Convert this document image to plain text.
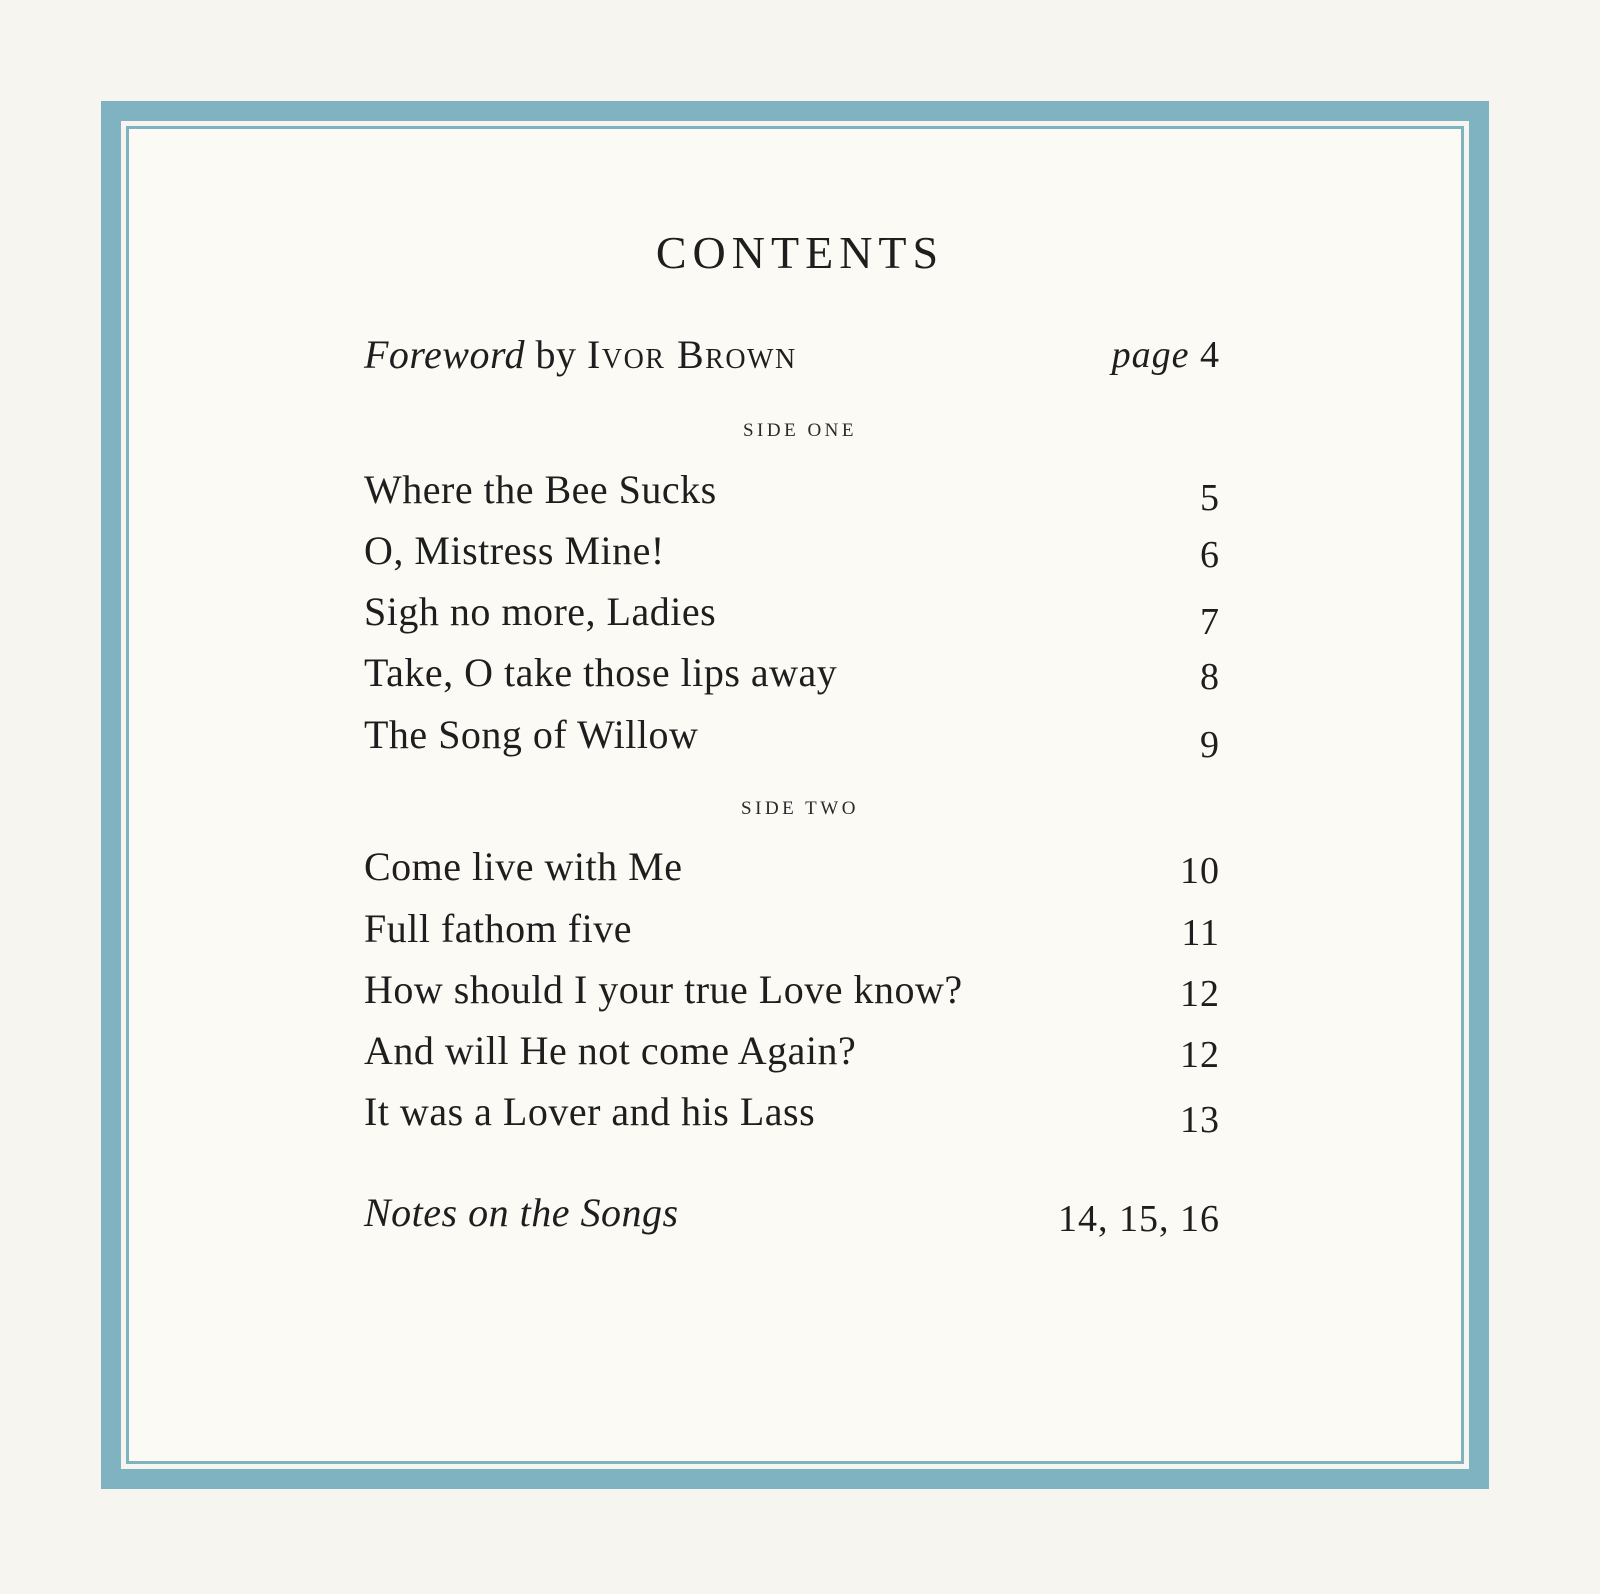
CONTENTS
Foreword by Ivor Brown	page 4
SIDE ONE
Where the Bee Sucks	5
O, Mistress Mine!	6
Sigh no more, Ladies	7
Take, O take those lips away	8
The Song of Willow	9
SIDE TWO
Come live with Me	10
Full fathom five	11
How should I your true Love know?	12
And will He not come Again?	12
It was a Lover and his Lass	13
Notes on the Songs	14, 15, 16
